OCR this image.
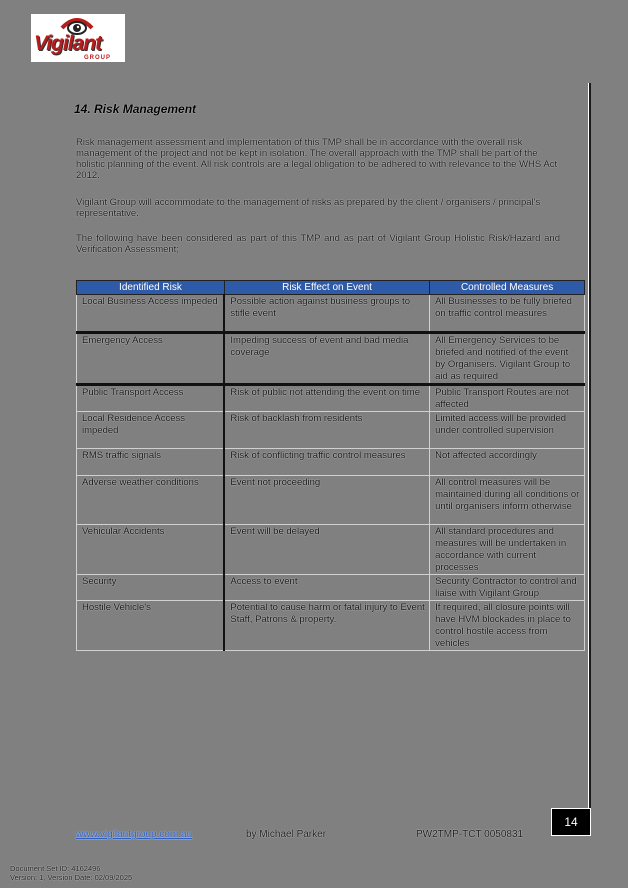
Vigilant
GROUP
14. Risk Management
Risk management assessment and implementation of this TMP shall be in accordance with the overall risk management of the project and not be kept in isolation. The overall approach with the TMP shall be part of the holistic planning of the event. All risk controls are a legal obligation to be adhered to with relevance to the WHS Act 2012.
Vigilant Group will accommodate to the management of risks as prepared by the client / organisers / principal's representative.
The following have been considered as part of this TMP and as part of Vigilant Group Holistic Risk/Hazard and Verification Assessment;
Identified Risk	Risk Effect on Event	Controlled Measures
Local Business Access impeded	Possible action against business groups to stifle event	All Businesses to be fully briefed on traffic control measures
Emergency Access	Impeding success of event and bad media coverage	All Emergency Services to be briefed and notified of the event by Organisers. Vigilant Group to aid as required
Public Transport Access	Risk of public not attending the event on time	Public Transport Routes are not affected
Local Residence Access impeded	Risk of backlash from residents	Limited access will be provided under controlled supervision
RMS traffic signals	Risk of conflicting traffic control measures	Not affected accordingly
Adverse weather conditions	Event not proceeding	All control measures will be maintained during all conditions or until organisers inform otherwise
Vehicular Accidents	Event will be delayed	All standard procedures and measures will be undertaken in accordance with current processes
Security	Access to event	Security Contractor to control and liaise with Vigilant Group
Hostile Vehicle's	Potential to cause harm or fatal injury to Event Staff, Patrons & property.	If required, all closure points will have HVM blockades in place to control hostile access from vehicles
www.vigilantgroup.com.au	by Michael Parker	PW2TMP-TCT 0050831
14
Document Set ID: 4162496
Version: 1, Version Date: 02/09/2025
